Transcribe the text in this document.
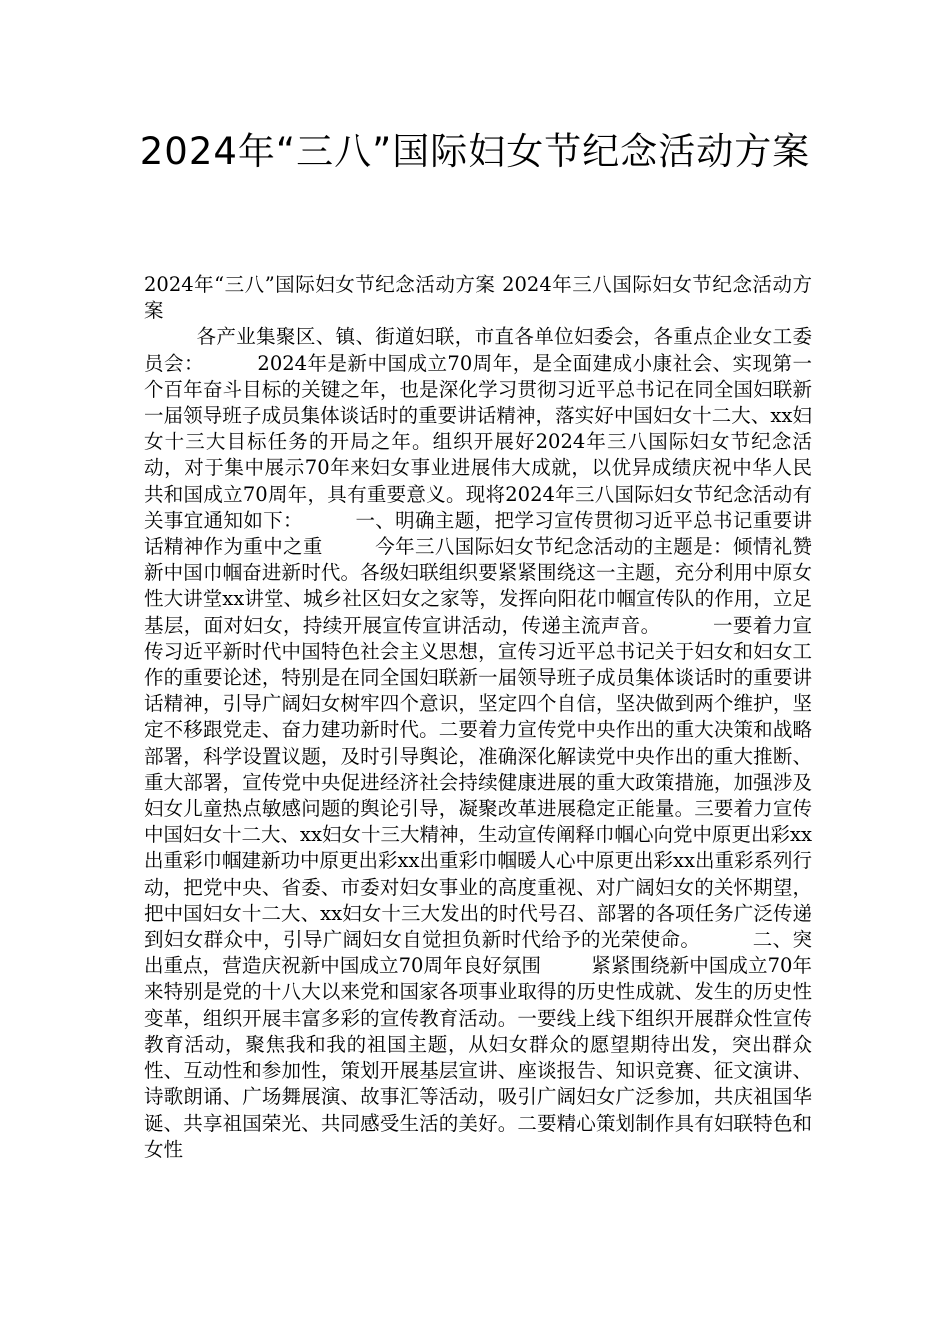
2024年“三八”国际妇女节纪念活动方案

2024年“三八”国际妇女节纪念活动方案 2024年三八国际妇女节纪念活动方案
各产业集聚区、镇、街道妇联，市直各单位妇委会，各重点企业女工委员会：        2024年是新中国成立70周年，是全面建成小康社会、实现第一个百年奋斗目标的关键之年，也是深化学习贯彻习近平总书记在同全国妇联新一届领导班子成员集体谈话时的重要讲话精神，落实好中国妇女十二大、xx妇女十三大目标任务的开局之年。组织开展好2024年三八国际妇女节纪念活动，对于集中展示70年来妇女事业进展伟大成就，以优异成绩庆祝中华人民共和国成立70周年，具有重要意义。现将2024年三八国际妇女节纪念活动有关事宜通知如下：        一、明确主题，把学习宣传贯彻习近平总书记重要讲话精神作为重中之重        今年三八国际妇女节纪念活动的主题是：倾情礼赞新中国巾帼奋进新时代。各级妇联组织要紧紧围绕这一主题，充分利用中原女性大讲堂xx讲堂、城乡社区妇女之家等，发挥向阳花巾帼宣传队的作用，立足基层，面对妇女，持续开展宣传宣讲活动，传递主流声音。        一要着力宣传习近平新时代中国特色社会主义思想，宣传习近平总书记关于妇女和妇女工作的重要论述，特别是在同全国妇联新一届领导班子成员集体谈话时的重要讲话精神，引导广阔妇女树牢四个意识，坚定四个自信，坚决做到两个维护，坚定不移跟党走、奋力建功新时代。二要着力宣传党中央作出的重大决策和战略部署，科学设置议题，及时引导舆论，准确深化解读党中央作出的重大推断、重大部署，宣传党中央促进经济社会持续健康进展的重大政策措施，加强涉及妇女儿童热点敏感问题的舆论引导，凝聚改革进展稳定正能量。三要着力宣传中国妇女十二大、xx妇女十三大精神，生动宣传阐释巾帼心向党中原更出彩xx出重彩巾帼建新功中原更出彩xx出重彩巾帼暖人心中原更出彩xx出重彩系列行动，把党中央、省委、市委对妇女事业的高度重视、对广阔妇女的关怀期望，把中国妇女十二大、xx妇女十三大发出的时代号召、部署的各项任务广泛传递到妇女群众中，引导广阔妇女自觉担负新时代给予的光荣使命。        二、突出重点，营造庆祝新中国成立70周年良好氛围        紧紧围绕新中国成立70年来特别是党的十八大以来党和国家各项事业取得的历史性成就、发生的历史性变革，组织开展丰富多彩的宣传教育活动。一要线上线下组织开展群众性宣传教育活动，聚焦我和我的祖国主题，从妇女群众的愿望期待出发，突出群众性、互动性和参加性，策划开展基层宣讲、座谈报告、知识竞赛、征文演讲、诗歌朗诵、广场舞展演、故事汇等活动，吸引广阔妇女广泛参加，共庆祖国华诞、共享祖国荣光、共同感受生活的美好。二要精心策划制作具有妇联特色和女性
